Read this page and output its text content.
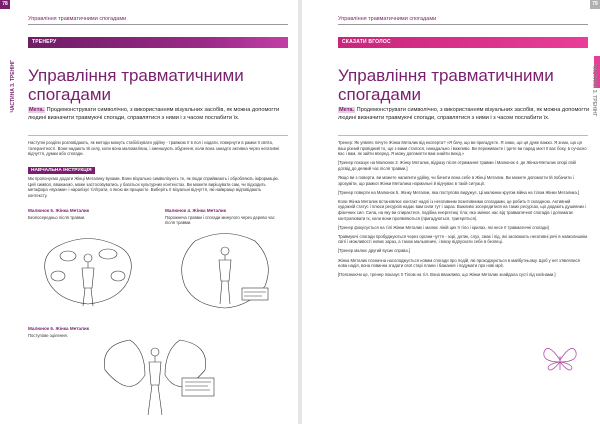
78
Управління травматичними спогадами
ТРЕНЕРУ
ЧАСТИНА 3. ТРЕНІНГ Управління травматичними спогадами
Мета. Продемонструвати символічно, з використанням візуальних засобів, як можна допомогти людині визначити травмуючі спогади, справлятися з ними і з часом послабити їх.
Наступні розділи розповідають, як методи можуть стабілізувати удійну - травмою її в пол і надати, повернути в рамки її свята, толерантності. Вони надають їй силу, коли вона маломатівна, і зменшують обурення, коли вона занадто активна через негативні відчуття, думки або спогади.
НАВЧАЛЬНА ІНСТРУКЦІЯ
Ми пропонуємо додати Жінці Металику вухами. Вони візуально символізують те, як люди сприймають і обробляють інформацію. Цей символ, вважаємо, може застосовуватись у багатьох культурних контекстах. Ви можете вирішувати сам, чи підходить метафора «вухами» і наралізує тіл/грати, о якою ви працюєте. Виберіть її візуальні відчуття, які найкраще відповідають контексту.
Малюнок 5. Жінка Металик
Безпосередньо після травми.
Малюнок 4. Жінка Металик
Порожнеча травми і спогади минулого через дерево час після травми.
Малюнок 6. Жінка Металик
Поступове зцілення.
79
Управління травматичними спогадами
СКАЗАТИ ВГОЛОС
ЧАСТИНА 3. ТРЕНІНГ
Управління травматичними спогадами
Мета. Продемонструвати символічно, з використанням візуальних засобів, як можна допомогти людині визначити травмуючі спогади, справлятися з ними і з часом послабити їх.

Тренер: Як уявляє почуте Жінка Металик від експерта? «Я бачу, що ви пригадуєте. Я знаю, що ця дуже важко. Я знаю, що ця ваш різний провідний то, що з вами сталося, нанадально і важливо. Ви переживаєте і їдете ви парад моєї її вас боку, в сучасно вас і вам, як зайти вперед. Я можу допомогти вам знайти вихід.»

[Тренер показує на Малюнок 3. Жінку Металик, відразу після отримання травми і Малюнок 4. де Жінка-Металик опорі свій досвід до деякий час після травми.]

Якщо ви з поверти, ви можете напилити удійну, чи бачити вона себе в Жінці Металик. Ви можете допомогти їй побачити і зрозуміти, що рамкої Жінки Металика нормальні й відчуває в такій ситуації.

[Тренер поверти на Малюнок 5. Жінку Металик, яка поступово видужує. Ці малюнки кругом війна на тілом Жінки Металика.]

Коли Жінка Металик встановлює контакт надлі із негативним позитивними спогадами, це робить її складною. Активний художній статус і плюси ресурсів надає вам сили тут і зараз. Важливо зосередитися на таких ресурсах, що додають душевних і фізичних сил. Сила, на яку ви спираєтеся, подібна енергетиці тіла; яка змінює нас від травматичної спогадів і допомагає контролювати їх, коли вони проявляються (пригадуються, тригеряться).

[Тренер фокусується на тілі Жінки Металик і малює ліній цих її тіло і крилах, які несе її травматичні спогади]

Травмуючі спогади пробуджуються через органи чуття - зорі, дотик, слух, смак і під, які засвоюють негативні речі в навколишнім світі і можливості нових зараз, а також мальовничі, і вокзу відпускати себе в безпеці.

[Тренер малює другий вусик справа.]

Жінка Металик позначна насолоджується новим спогади про подій, які проходжуються в майбутньому. Щоб у неї з'являлися нова надія, вона повинна згадати свої старі плани і бажання і подумати про нові мрії.

[Пояснюючи це, тренер показує її Тілом на тіл. Вона вважливо, що Жінки Металик знайдала сусті під колінами.]
